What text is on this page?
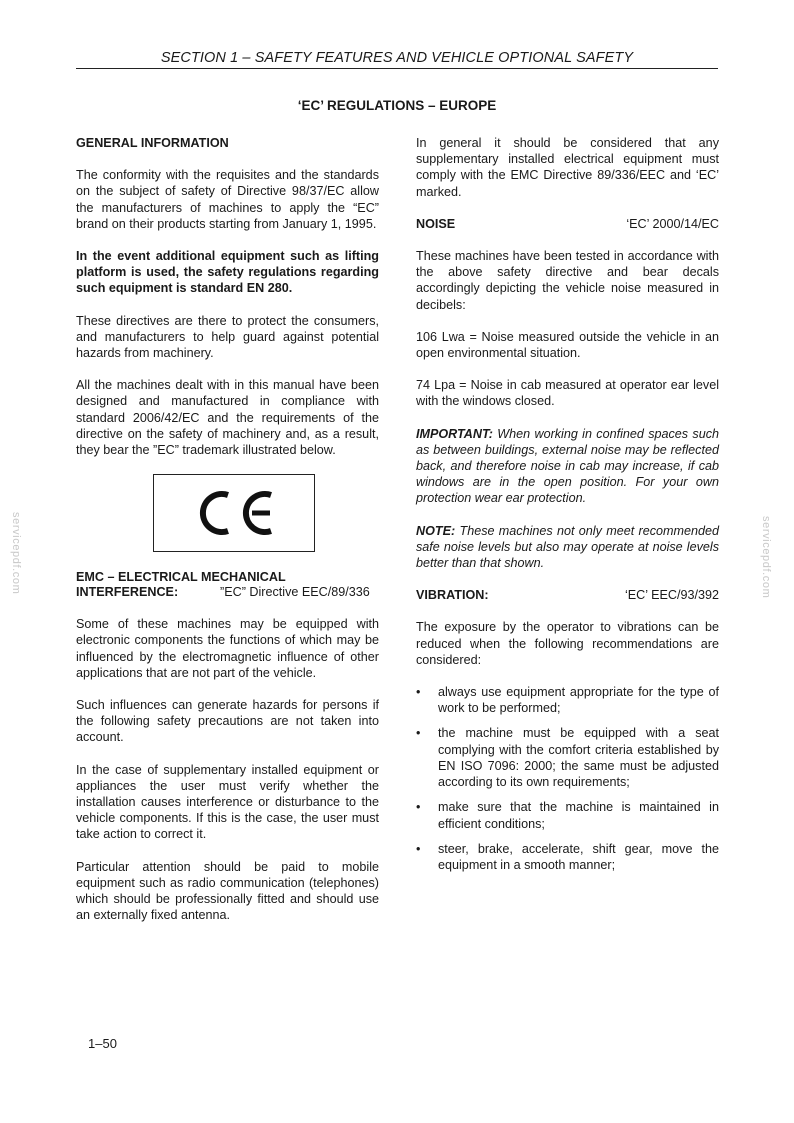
SECTION 1 – SAFETY FEATURES AND VEHICLE OPTIONAL SAFETY
‘EC’ REGULATIONS – EUROPE
GENERAL INFORMATION

The conformity with the requisites and the standards on the subject of safety of Directive 98/37/EC allow the manufacturers of machines to apply the “EC” brand on their products starting from January 1, 1995.

In the event additional equipment such as lifting platform is used, the safety regulations regarding such equipment is standard EN 280.

These directives are there to protect the consumers, and manufacturers to help guard against potential hazards from machinery.

All the machines dealt with in this manual have been designed and manufactured in compliance with standard 2006/42/EC and the requirements of the directive on the safety of machinery and, as a result, they bear the ”EC” trademark illustrated below.

EMC – ELECTRICAL MECHANICAL
INTERFERENCE:	”EC” Directive EEC/89/336

Some of these machines may be equipped with electronic components the functions of which may be influenced by the electromagnetic influence of other applications that are not part of the vehicle.

Such influences can generate hazards for persons if the following safety precautions are not taken into account.

In the case of supplementary installed equipment or appliances the user must verify whether the installation causes interference or disturbance to the vehicle components. If this is the case, the user must take action to correct it.

Particular attention should be paid to mobile equipment such as radio communication (telephones) which should be professionally fitted and should use an externally fixed antenna.

In general it should be considered that any supplementary installed electrical equipment must comply with the EMC Directive 89/336/EEC and ‘EC’ marked.

NOISE	‘EC’ 2000/14/EC

These machines have been tested in accordance with the above safety directive and bear decals accordingly depicting the vehicle noise measured in decibels:

106 Lwa = Noise measured outside the vehicle in an open environmental situation.

74 Lpa = Noise in cab measured at operator ear level with the windows closed.

IMPORTANT: When working in confined spaces such as between buildings, external noise may be reflected back, and therefore noise in cab may increase, if cab windows are in the open position. For your own protection wear ear protection.

NOTE: These machines not only meet recommended safe noise levels but also may operate at noise levels better than that shown.

VIBRATION:	‘EC’ EEC/93/392

The exposure by the operator to vibrations can be reduced when the following recommendations are considered:

• always use equipment appropriate for the type of work to be performed;
• the machine must be equipped with a seat complying with the comfort criteria established by EN ISO 7096: 2000; the same must be adjusted according to its own requirements;
• make sure that the machine is maintained in efficient conditions;
• steer, brake, accelerate, shift gear, move the equipment in a smooth manner;
1–50
servicepdf.com	servicepdf.com
